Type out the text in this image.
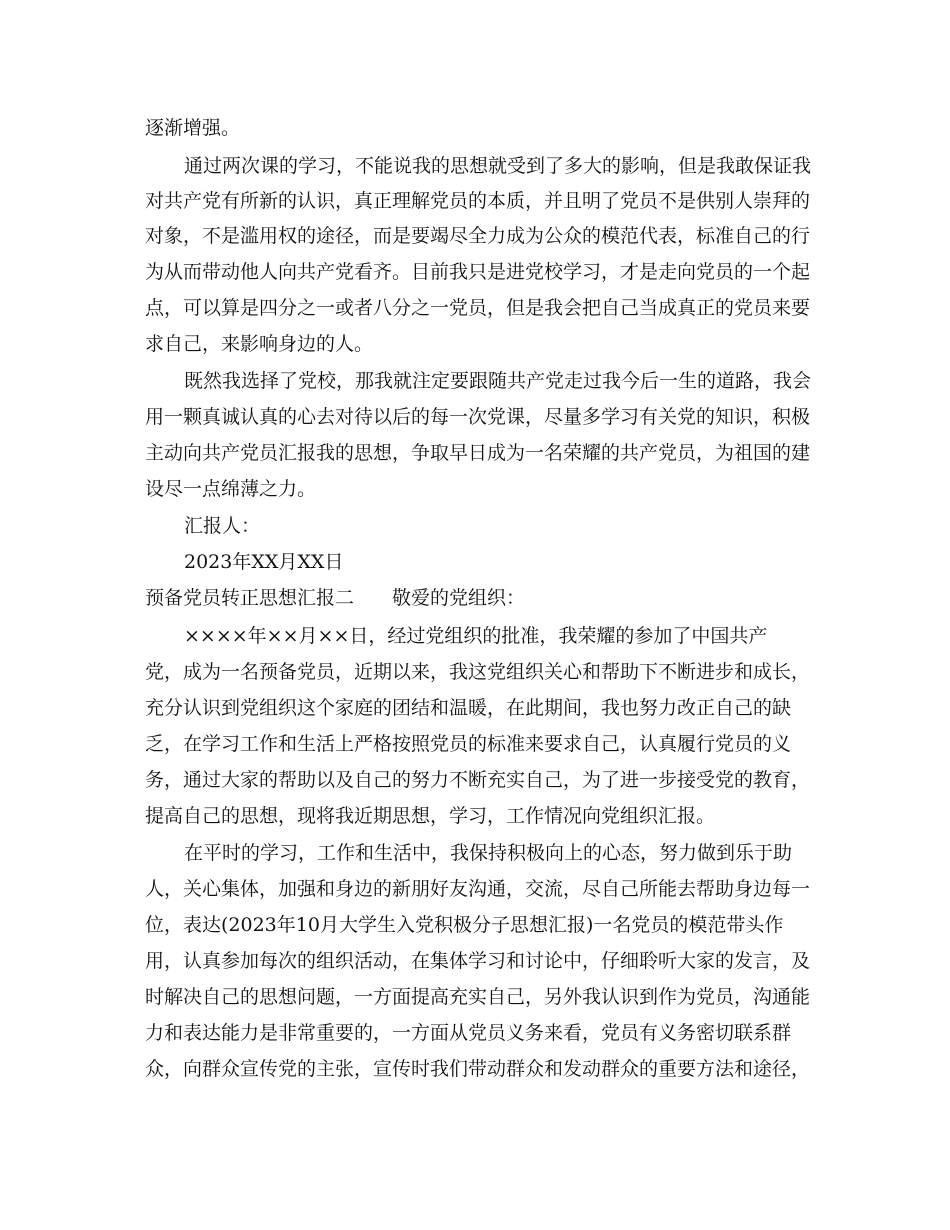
逐渐增强。
通过两次课的学习，不能说我的思想就受到了多大的影响，但是我敢保证我
对共产党有所新的认识，真正理解党员的本质，并且明了党员不是供别人崇拜的
对象，不是滥用权的途径，而是要竭尽全力成为公众的模范代表，标准自己的行
为从而带动他人向共产党看齐。目前我只是进党校学习，才是走向党员的一个起
点，可以算是四分之一或者八分之一党员，但是我会把自己当成真正的党员来要
求自己，来影响身边的人。
既然我选择了党校，那我就注定要跟随共产党走过我今后一生的道路，我会
用一颗真诚认真的心去对待以后的每一次党课，尽量多学习有关党的知识，积极
主动向共产党员汇报我的思想，争取早日成为一名荣耀的共产党员，为祖国的建
设尽一点绵薄之力。
汇报人：
2023年XX月XX日
预备党员转正思想汇报二　　敬爱的党组织：
××××年××月××日，经过党组织的批准，我荣耀的参加了中国共产
党，成为一名预备党员，近期以来，我这党组织关心和帮助下不断进步和成长，
充分认识到党组织这个家庭的团结和温暖，在此期间，我也努力改正自己的缺
乏，在学习工作和生活上严格按照党员的标准来要求自己，认真履行党员的义
务，通过大家的帮助以及自己的努力不断充实自己，为了进一步接受党的教育，
提高自己的思想，现将我近期思想，学习，工作情况向党组织汇报。
在平时的学习，工作和生活中，我保持积极向上的心态，努力做到乐于助
人，关心集体，加强和身边的新朋好友沟通，交流，尽自己所能去帮助身边每一
位，表达(2023年10月大学生入党积极分子思想汇报)一名党员的模范带头作
用，认真参加每次的组织活动，在集体学习和讨论中，仔细聆听大家的发言，及
时解决自己的思想问题，一方面提高充实自己，另外我认识到作为党员，沟通能
力和表达能力是非常重要的，一方面从党员义务来看，党员有义务密切联系群
众，向群众宣传党的主张，宣传时我们带动群众和发动群众的重要方法和途径，
